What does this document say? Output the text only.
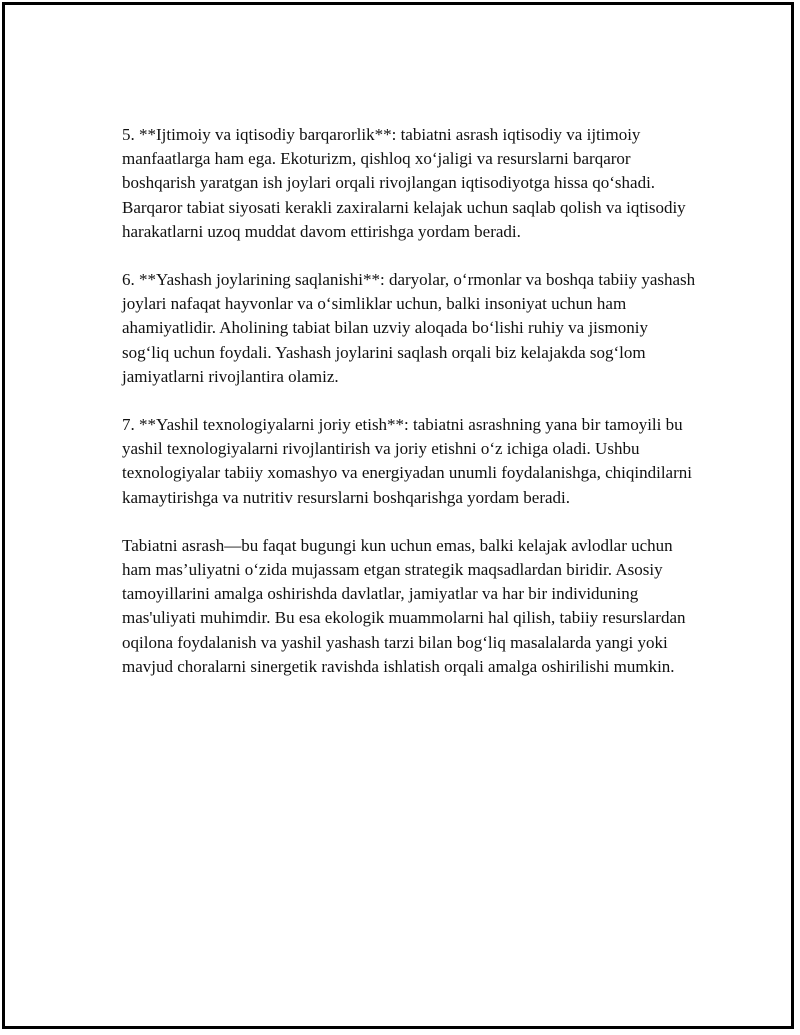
5. **Ijtimoiy va iqtisodiy barqarorlik**: tabiatni asrash iqtisodiy va ijtimoiy manfaatlarga ham ega. Ekoturizm, qishloq xo‘jaligi va resurslarni barqaror boshqarish yaratgan ish joylari orqali rivojlangan iqtisodiyotga hissa qo‘shadi. Barqaror tabiat siyosati kerakli zaxiralarni kelajak uchun saqlab qolish va iqtisodiy harakatlarni uzoq muddat davom ettirishga yordam beradi.

6. **Yashash joylarining saqlanishi**: daryolar, o‘rmonlar va boshqa tabiiy yashash joylari nafaqat hayvonlar va o‘simliklar uchun, balki insoniyat uchun ham ahamiyatlidir. Aholining tabiat bilan uzviy aloqada bo‘lishi ruhiy va jismoniy sog‘liq uchun foydali. Yashash joylarini saqlash orqali biz kelajakda sog‘lom jamiyatlarni rivojlantira olamiz.

7. **Yashil texnologiyalarni joriy etish**: tabiatni asrashning yana bir tamoyili bu yashil texnologiyalarni rivojlantirish va joriy etishni o‘z ichiga oladi. Ushbu texnologiyalar tabiiy xomashyo va energiyadan unumli foydalanishga, chiqindilarni kamaytirishga va nutritiv resurslarni boshqarishga yordam beradi.

Tabiatni asrash—bu faqat bugungi kun uchun emas, balki kelajak avlodlar uchun ham mas’uliyatni o‘zida mujassam etgan strategik maqsadlardan biridir. Asosiy tamoyillarini amalga oshirishda davlatlar, jamiyatlar va har bir individuning mas'uliyati muhimdir. Bu esa ekologik muammolarni hal qilish, tabiiy resurslardan oqilona foydalanish va yashil yashash tarzi bilan bog‘liq masalalarda yangi yoki mavjud choralarni sinergetik ravishda ishlatish orqali amalga oshirilishi mumkin.
